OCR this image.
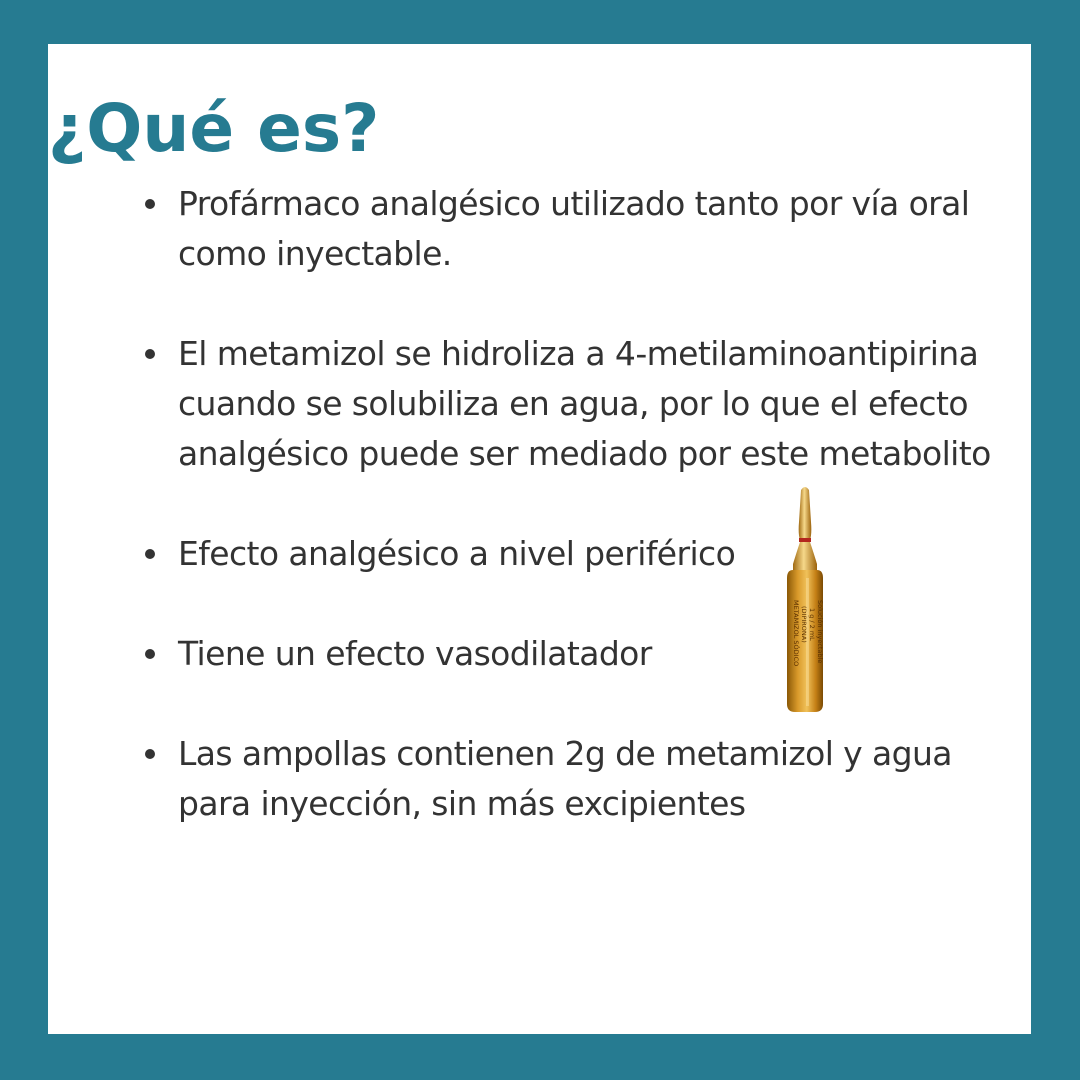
¿Qué es?
Profármaco analgésico utilizado tanto por vía oral
como inyectable.
El metamizol se hidroliza a 4-metilaminoantipirina
cuando se solubiliza en agua, por lo que el efecto
analgésico puede ser mediado por este metabolito
Efecto analgésico a nivel periférico
Tiene un efecto vasodilatador
Las ampollas contienen 2g de metamizol y agua
para inyección, sin más excipientes
METAMIZOL SÓDICO (DIPIRONA) 1 g / 2 mL Solución inyectable
